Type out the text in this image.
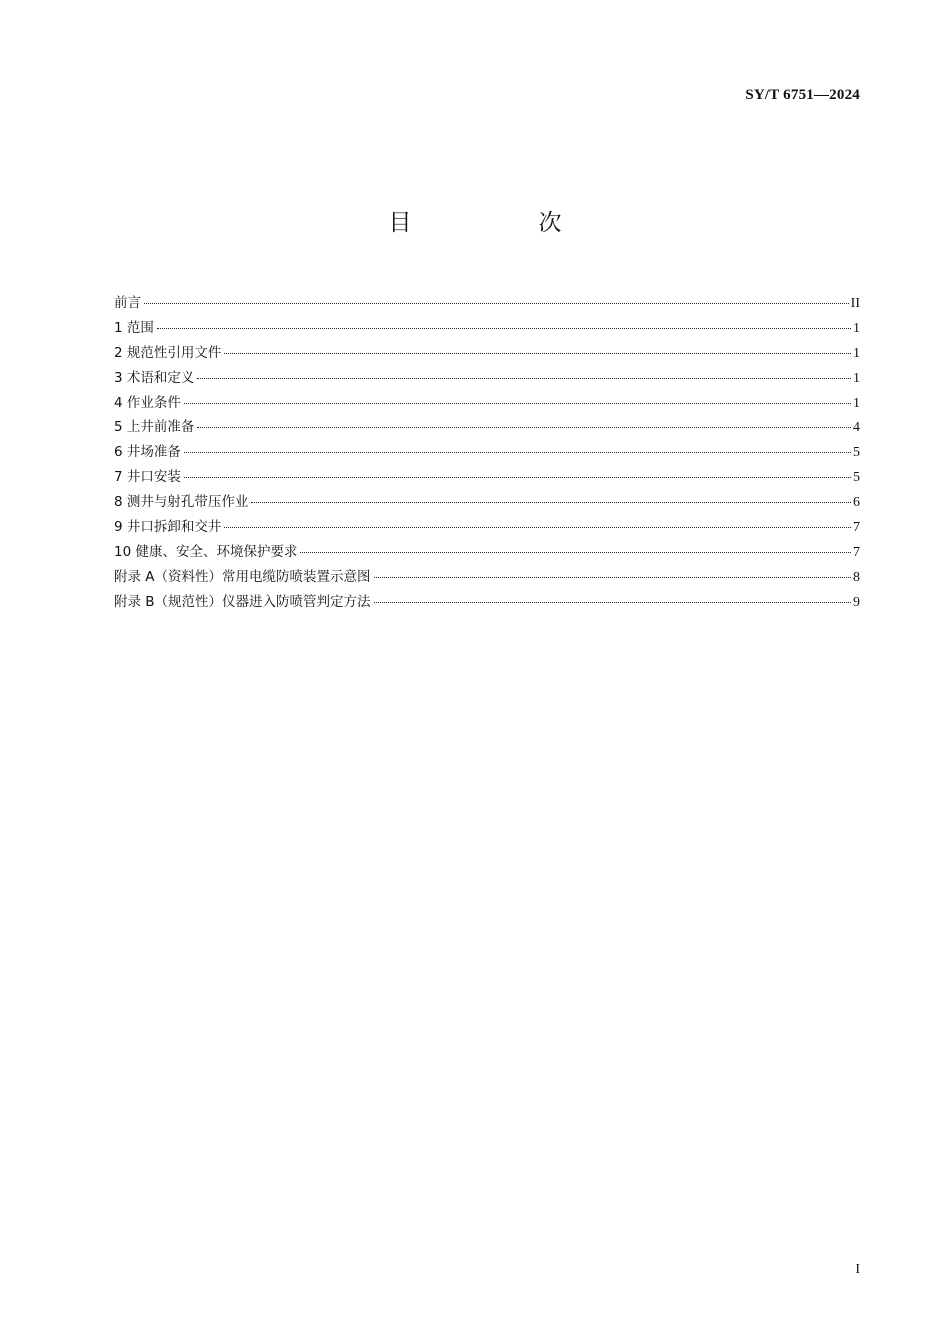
SY/T 6751—2024
目　次
前言	II
1 范围	1
2 规范性引用文件	1
3 术语和定义	1
4 作业条件	1
5 上井前准备	4
6 井场准备	5
7 井口安装	5
8 测井与射孔带压作业	6
9 井口拆卸和交井	7
10 健康、安全、环境保护要求	7
附录 A（资料性）常用电缆防喷装置示意图	8
附录 B（规范性）仪器进入防喷管判定方法	9
I
